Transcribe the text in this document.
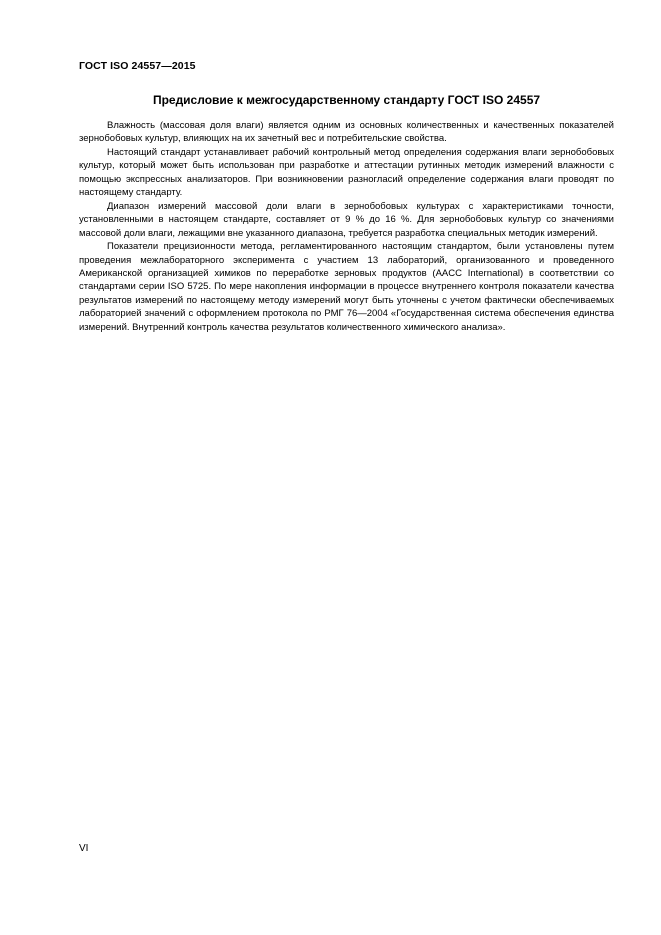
ГОСТ ISO 24557—2015
Предисловие к межгосударственному стандарту ГОСТ ISO 24557

Влажность (массовая доля влаги) является одним из основных количественных и качественных показателей зернобобовых культур, влияющих на их зачетный вес и потребительские свойства.

Настоящий стандарт устанавливает рабочий контрольный метод определения содержания влаги зернобобовых культур, который может быть использован при разработке и аттестации рутинных методик измерений влажности с помощью экспрессных анализаторов. При возникновении разногласий определение содержания влаги проводят по настоящему стандарту.

Диапазон измерений массовой доли влаги в зернобобовых культурах с характеристиками точности, установленными в настоящем стандарте, составляет от 9 % до 16 %. Для зернобобовых культур со значениями массовой доли влаги, лежащими вне указанного диапазона, требуется разработка специальных методик измерений.

Показатели прецизионности метода, регламентированного настоящим стандартом, были установлены путем проведения межлабораторного эксперимента с участием 13 лабораторий, организованного и проведенного Американской организацией химиков по переработке зерновых продуктов (AACC International) в соответствии со стандартами серии ISO 5725. По мере накопления информации в процессе внутреннего контроля показатели качества результатов измерений по настоящему методу измерений могут быть уточнены с учетом фактически обеспечиваемых лабораторией значений с оформлением протокола по РМГ 76—2004 «Государственная система обеспечения единства измерений. Внутренний контроль качества результатов количественного химического анализа».

VI
